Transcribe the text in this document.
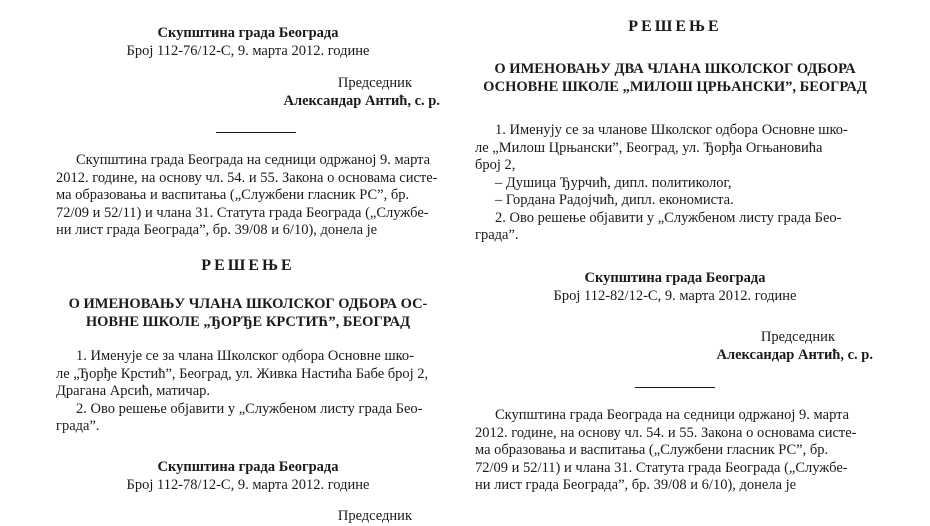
Скупштина града Београда

Број 112-76/12-С, 9. марта 2012. године

Председник

Александар Антић, с. р.

Скупштина града Београда на седници одржаној 9. марта

2012. године, на основу чл. 54. и 55. Закона о основама систе-

ма образовања и васпитања („Службени гласник РС”, бр.

72/09 и 52/11) и члана 31. Статута града Београда („Службе-

ни лист града Београда”, бр. 39/08 и 6/10), донела је

РЕШЕЊЕ

О ИМЕНОВАЊУ ЧЛАНА ШКОЛСКОГ ОДБОРА ОС-

НОВНЕ ШКОЛЕ „ЂОРЂЕ КРСТИЋ”, БЕОГРАД

1. Именује се за члана Школског одбора Основне шко-

ле „Ђорђе Крстић”, Београд, ул. Живка Настића Бабе број 2,

Драгана Арсић, матичар.

2. Ово решење објавити у „Службеном листу града Бео-

града”.

Скупштина града Београда

Број 112-78/12-С, 9. марта 2012. године

Председник

РЕШЕЊЕ

О ИМЕНОВАЊУ ДВА ЧЛАНА ШКОЛСКОГ ОДБОРА

ОСНОВНЕ ШКОЛЕ „МИЛОШ ЦРЊАНСКИ”, БЕОГРАД

1. Именују се за чланове Школског одбора Основне шко-

ле „Милош Црњански”, Београд, ул. Ђорђа Огњановића

број 2,

– Душица Ђурчић, дипл. политиколог,

– Гордана Радојчић, дипл. економиста.

2. Ово решење објавити у „Службеном листу града Бео-

града”.

Скупштина града Београда

Број 112-82/12-С, 9. марта 2012. године

Председник

Александар Антић, с. р.

Скупштина града Београда на седници одржаној 9. марта

2012. године, на основу чл. 54. и 55. Закона о основама систе-

ма образовања и васпитања („Службени гласник РС”, бр.

72/09 и 52/11) и члана 31. Статута града Београда („Службе-

ни лист града Београда”, бр. 39/08 и 6/10), донела је
